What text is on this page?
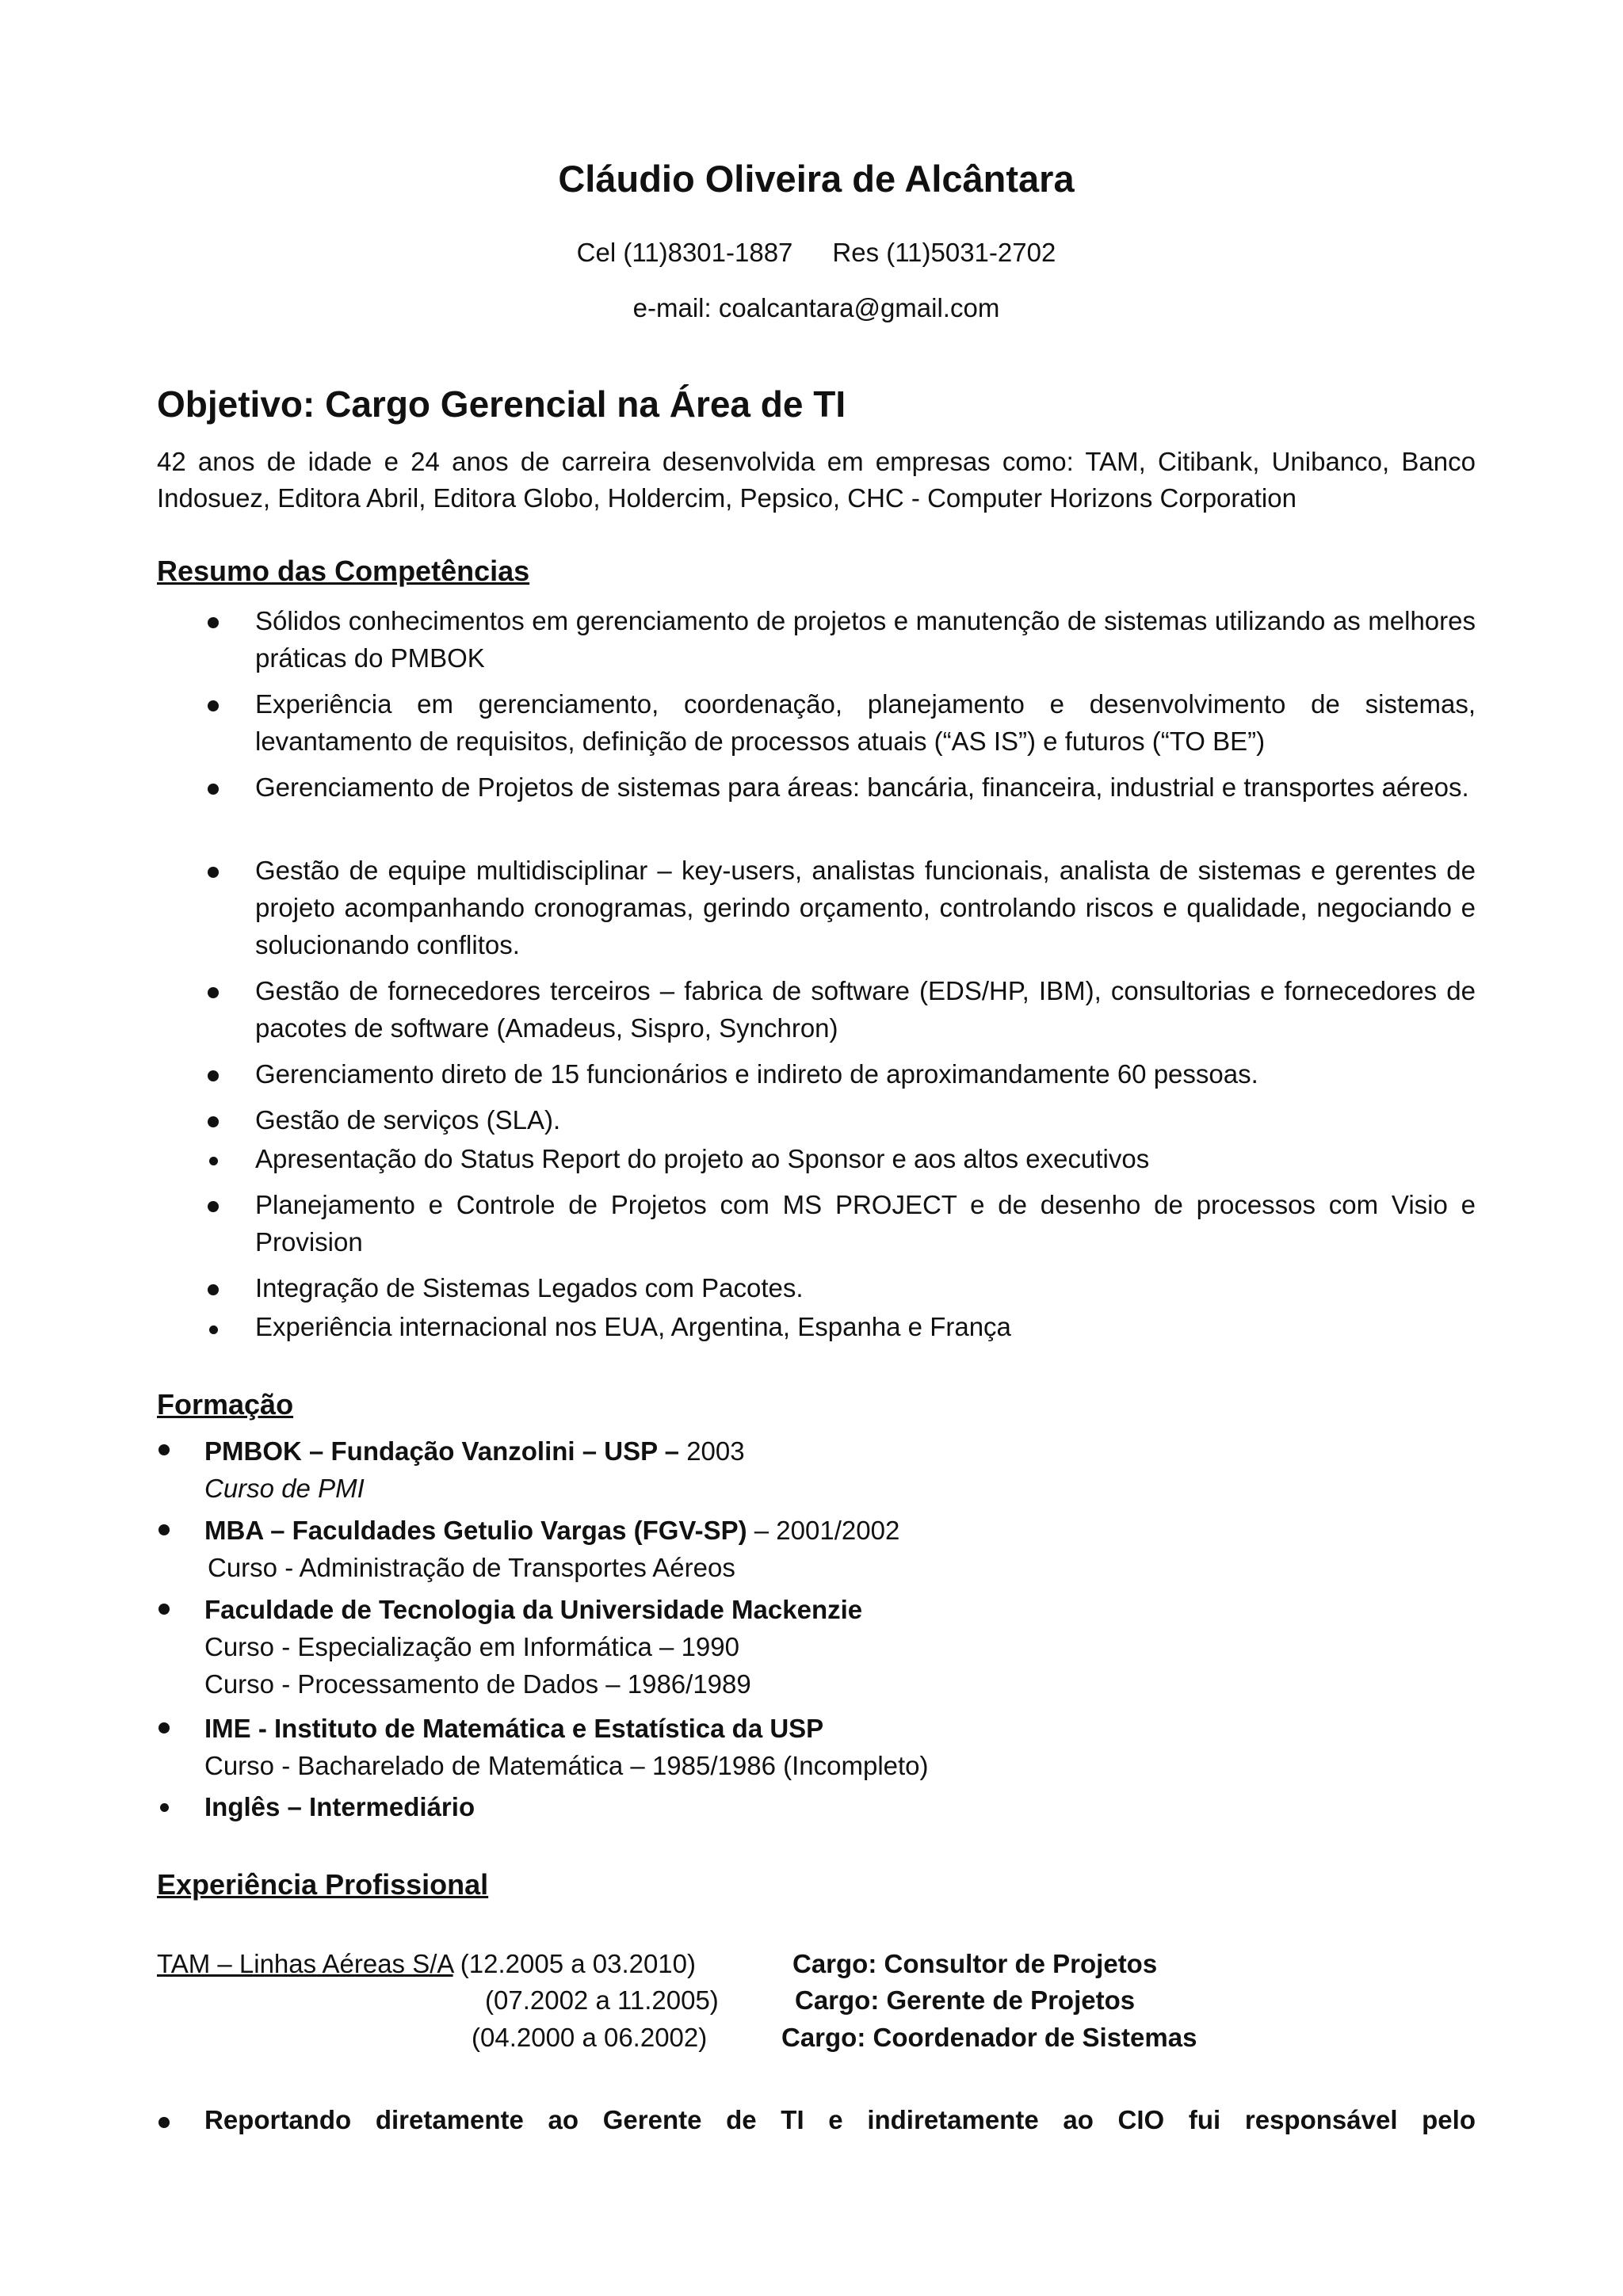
Cláudio Oliveira de Alcântara
Cel (11)8301-1887 Res (11)5031-2702
e-mail: coalcantara@gmail.com
Objetivo: Cargo Gerencial na Área de TI
42 anos de idade e 24 anos de carreira desenvolvida em empresas como: TAM, Citibank, Unibanco, Banco Indosuez, Editora Abril, Editora Globo, Holdercim, Pepsico, CHC - Computer Horizons Corporation
Resumo das Competências
Sólidos conhecimentos em gerenciamento de projetos e manutenção de sistemas utilizando as melhores práticas do PMBOK
Experiência em gerenciamento, coordenação, planejamento e desenvolvimento de sistemas, levantamento de requisitos, definição de processos atuais (“AS IS”) e futuros (“TO BE”)
Gerenciamento de Projetos de sistemas para áreas: bancária, financeira, industrial e transportes aéreos.
Gestão de equipe multidisciplinar – key-users, analistas funcionais, analista de sistemas e gerentes de projeto acompanhando cronogramas, gerindo orçamento, controlando riscos e qualidade, negociando e solucionando conflitos.
Gestão de fornecedores terceiros – fabrica de software (EDS/HP, IBM), consultorias e fornecedores de pacotes de software (Amadeus, Sispro, Synchron)
Gerenciamento direto de 15 funcionários e indireto de aproximandamente 60 pessoas.
Gestão de serviços (SLA).
Apresentação do Status Report do projeto ao Sponsor e aos altos executivos
Planejamento e Controle de Projetos com MS PROJECT e de desenho de processos com Visio e Provision
Integração de Sistemas Legados com Pacotes.
Experiência internacional nos EUA, Argentina, Espanha e França
Formação
PMBOK – Fundação Vanzolini – USP – 2003
Curso de PMI
MBA – Faculdades Getulio Vargas (FGV-SP) – 2001/2002
Curso - Administração de Transportes Aéreos
Faculdade de Tecnologia da Universidade Mackenzie
Curso - Especialização em Informática – 1990
Curso - Processamento de Dados – 1986/1989
IME - Instituto de Matemática e Estatística da USP
Curso - Bacharelado de Matemática – 1985/1986 (Incompleto)
Inglês – Intermediário
Experiência Profissional
TAM – Linhas Aéreas S/A (12.2005 a 03.2010)	Cargo: Consultor de Projetos
(07.2002 a 11.2005)	Cargo: Gerente de Projetos
(04.2000 a 06.2002)	Cargo: Coordenador de Sistemas
Reportando diretamente ao Gerente de TI e indiretamente ao CIO fui responsável pelo
